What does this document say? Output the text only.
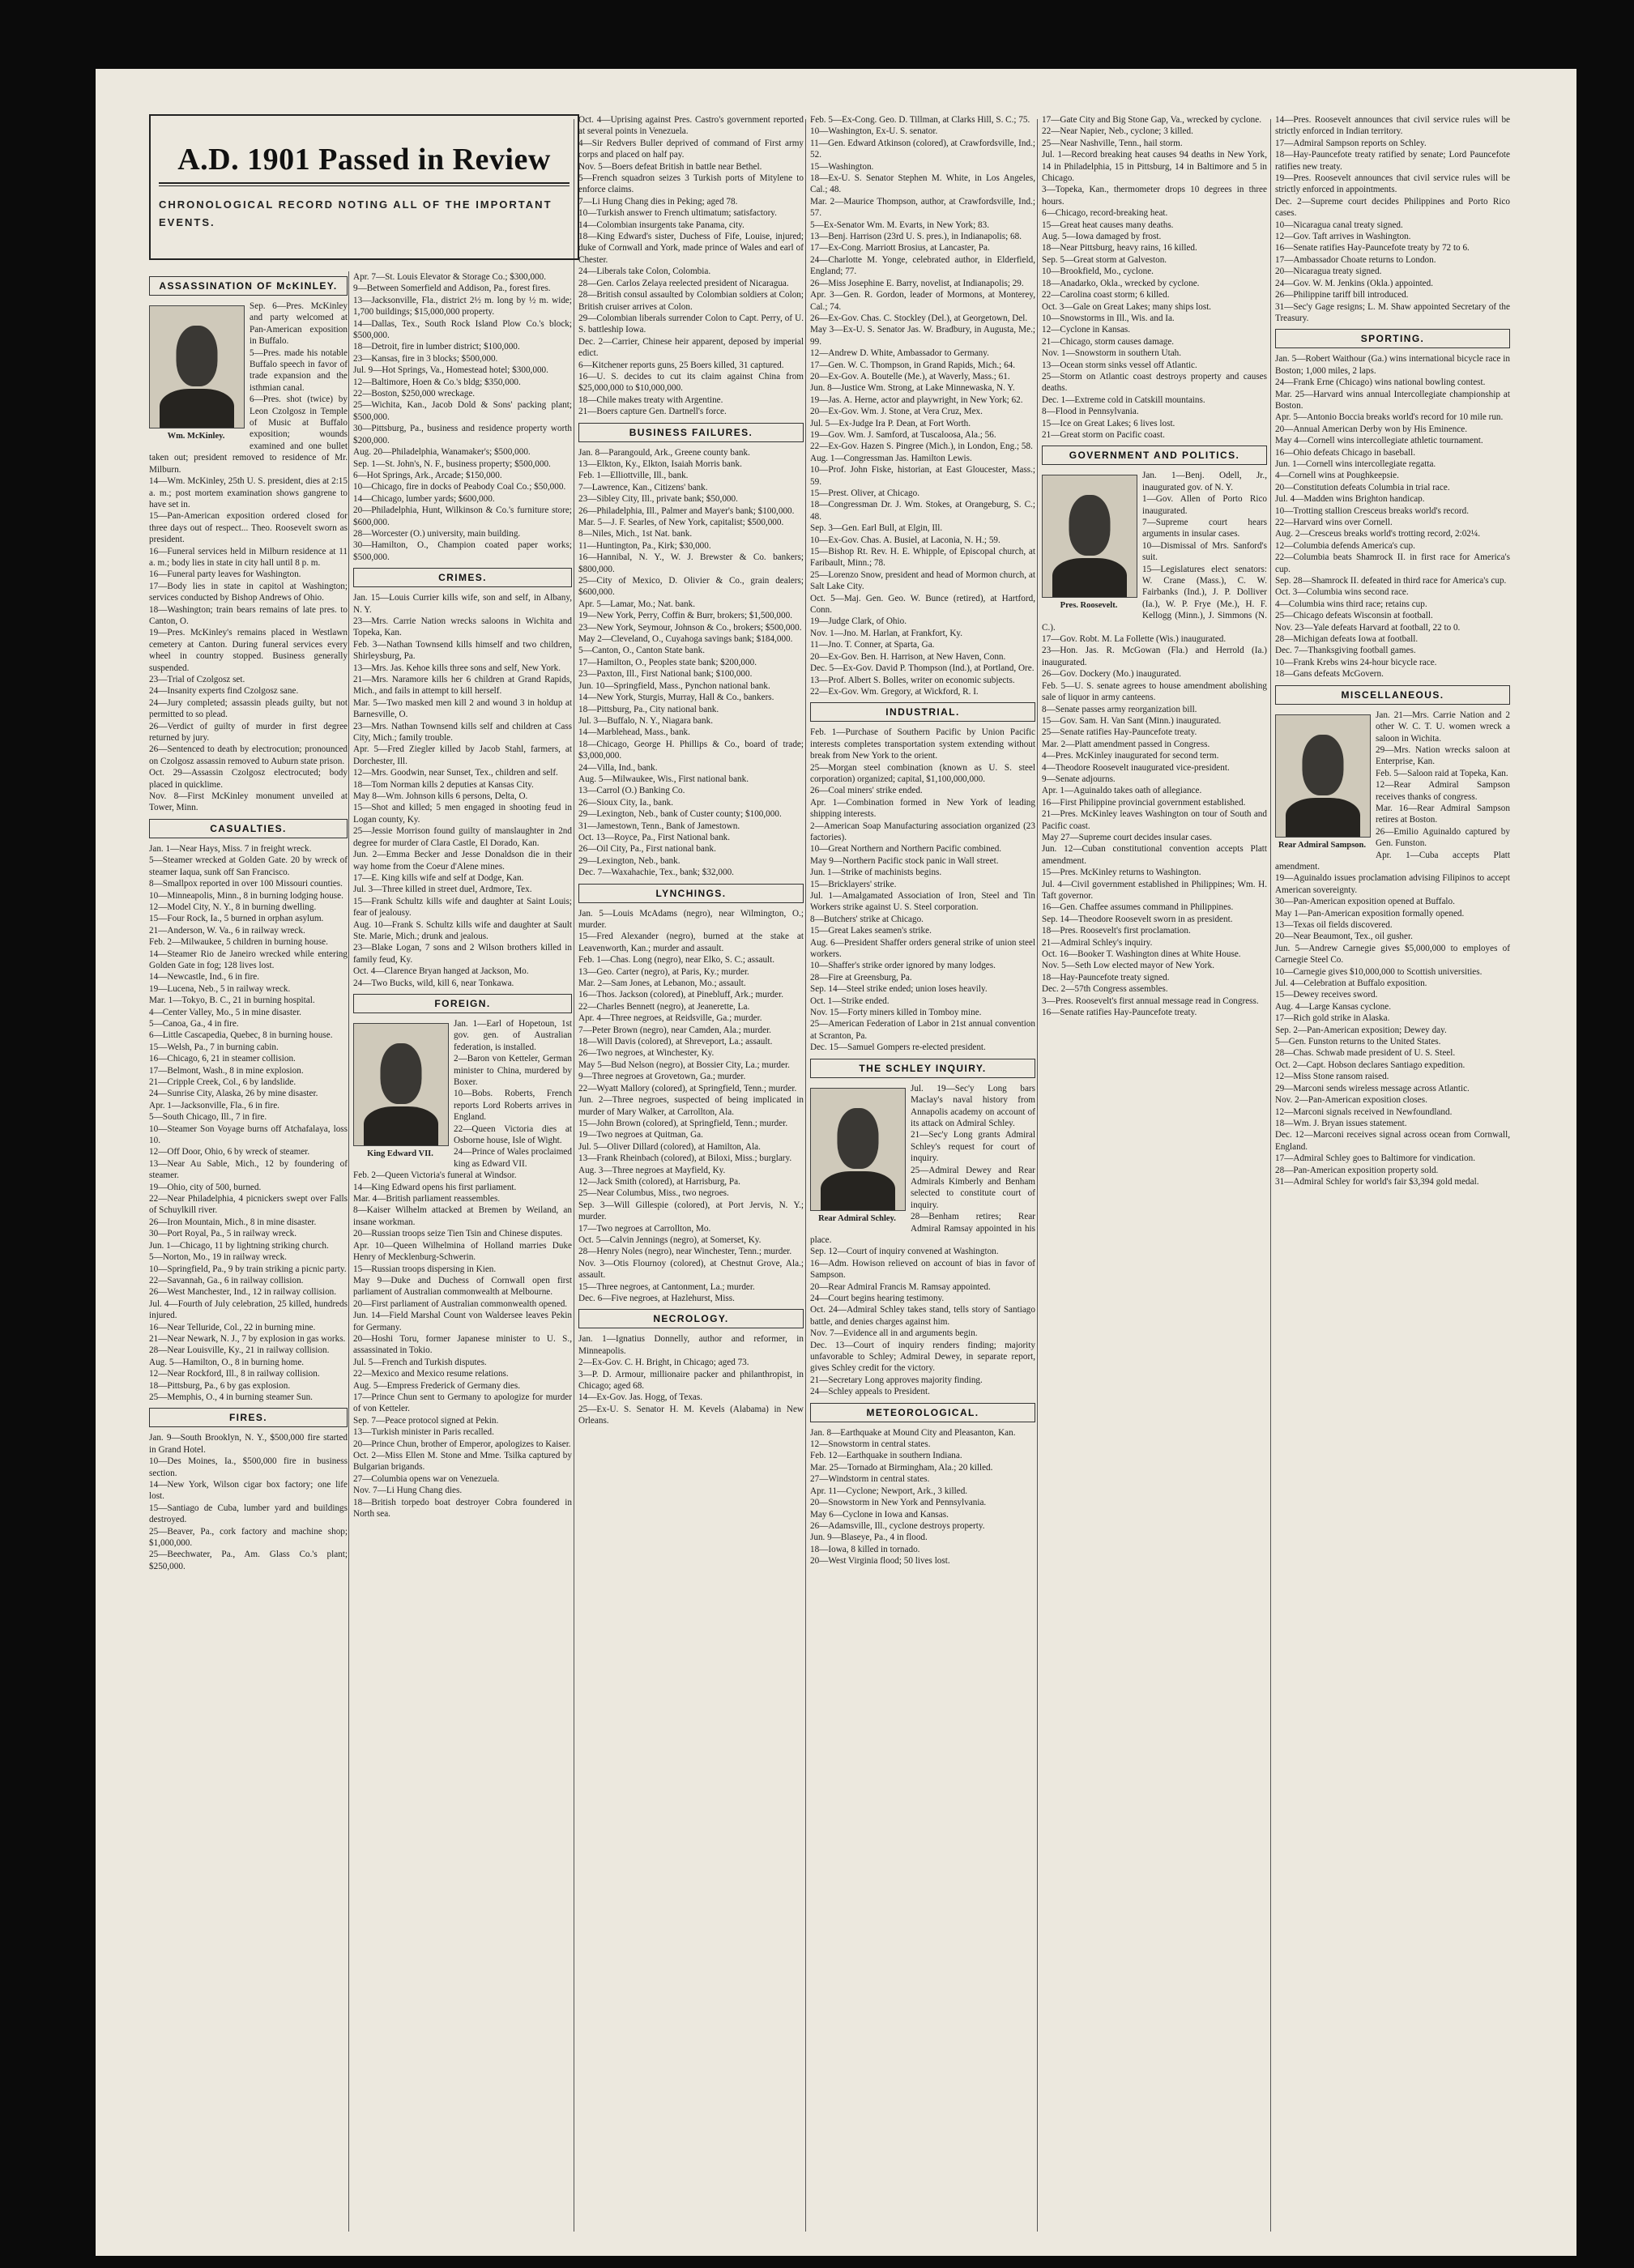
A.D. 1901 Passed in Review

CHRONOLOGICAL RECORD NOTING ALL OF THE IMPORTANT EVENTS.

ASSASSINATION OF McKINLEY.
Wm. McKinley.

Sep. 6—Pres. McKinley and party welcomed at Pan-American exposition in Buffalo.
5—Pres. made his notable Buffalo speech in favor of trade expansion and the isthmian canal.
6—Pres. shot (twice) by Leon Czolgosz in Temple of Music at Buffalo exposition; wounds examined and one bullet taken out; president removed to residence of Mr. Milburn.
14—Wm. McKinley, 25th U. S. president, dies at 2:15 a. m.; post mortem examination shows gangrene to have set in.
15—Pan-American exposition ordered closed for three days out of respect... Theo. Roosevelt sworn as president.
16—Funeral services held in Milburn residence at 11 a. m.; body lies in state in city hall until 8 p. m.
16—Funeral party leaves for Washington.
17—Body lies in state in capitol at Washington; services conducted by Bishop Andrews of Ohio.
18—Washington; train bears remains of late pres. to Canton, O.
19—Pres. McKinley's remains placed in Westlawn cemetery at Canton. During funeral services every wheel in country stopped. Business generally suspended.
23—Trial of Czolgosz set.
24—Insanity experts find Czolgosz sane.
24—Jury completed; assassin pleads guilty, but not permitted to so plead.
26—Verdict of guilty of murder in first degree returned by jury.
26—Sentenced to death by electrocution; pronounced on Czolgosz assassin removed to Auburn state prison.
Oct. 29—Assassin Czolgosz electrocuted; body placed in quicklime.
Nov. 8—First McKinley monument unveiled at Tower, Minn.

CASUALTIES.

Jan. 1—Near Hays, Miss. 7 in freight wreck.
5—Steamer wrecked at Golden Gate. 20 by wreck of steamer Iaqua, sunk off San Francisco.
8—Smallpox reported in over 100 Missouri counties.
10—Minneapolis, Minn., 8 in burning lodging house.
12—Model City, N. Y., 8 in burning dwelling.
15—Four Rock, Ia., 5 burned in orphan asylum.
21—Anderson, W. Va., 6 in railway wreck.
Feb. 2—Milwaukee, 5 children in burning house.
14—Steamer Rio de Janeiro wrecked while entering Golden Gate in fog; 128 lives lost.
14—Newcastle, Ind., 6 in fire.
19—Lucena, Neb., 5 in railway wreck.
Mar. 1—Tokyo, B. C., 21 in burning hospital.
4—Center Valley, Mo., 5 in mine disaster.
5—Canoa, Ga., 4 in fire.
6—Little Cascapedia, Quebec, 8 in burning house.
15—Welsh, Pa., 7 in burning cabin.
16—Chicago, 6, 21 in steamer collision.
17—Belmont, Wash., 8 in mine explosion.
21—Cripple Creek, Col., 6 by landslide.
24—Sunrise City, Alaska, 26 by mine disaster.
Apr. 1—Jacksonville, Fla., 6 in fire.
5—South Chicago, Ill., 7 in fire.
10—Steamer Son Voyage burns off Atchafalaya, loss 10.
12—Off Door, Ohio, 6 by wreck of steamer.
13—Near Au Sable, Mich., 12 by foundering of steamer.
19—Ohio, city of 500, burned.
22—Near Philadelphia, 4 picnickers swept over Falls of Schuylkill river.
26—Iron Mountain, Mich., 8 in mine disaster.
30—Port Royal, Pa., 5 in railway wreck.
Jun. 1—Chicago, 11 by lightning striking church.
5—Norton, Mo., 19 in railway wreck.
10—Springfield, Pa., 9 by train striking a picnic party.
22—Savannah, Ga., 6 in railway collision.
26—West Manchester, Ind., 12 in railway collision.
Jul. 4—Fourth of July celebration, 25 killed, hundreds injured.
16—Near Telluride, Col., 22 in burning mine.
21—Near Newark, N. J., 7 by explosion in gas works.
28—Near Louisville, Ky., 21 in railway collision.
Aug. 5—Hamilton, O., 8 in burning home.
12—Near Rockford, Ill., 8 in railway collision.
18—Pittsburg, Pa., 6 by gas explosion.
25—Memphis, O., 4 in burning steamer Sun.

FIRES.

Jan. 9—South Brooklyn, N. Y., $500,000 fire started in Grand Hotel.
10—Des Moines, Ia., $500,000 fire in business section.
14—New York, Wilson cigar box factory; one life lost.
15—Santiago de Cuba, lumber yard and buildings destroyed.
25—Beaver, Pa., cork factory and machine shop; $1,000,000.
25—Beechwater, Pa., Am. Glass Co.'s plant; $250,000.

Apr. 7—St. Louis Elevator & Storage Co.; $300,000.
9—Between Somerfield and Addison, Pa., forest fires.
13—Jacksonville, Fla., district 2½ m. long by ½ m. wide; 1,700 buildings; $15,000,000 property.
14—Dallas, Tex., South Rock Island Plow Co.'s block; $500,000.
18—Detroit, fire in lumber district; $100,000.
23—Kansas, fire in 3 blocks; $500,000.
Jul. 9—Hot Springs, Va., Homestead hotel; $300,000.
12—Baltimore, Hoen & Co.'s bldg; $350,000.
22—Boston, $250,000 wreckage.
25—Wichita, Kan., Jacob Dold & Sons' packing plant; $500,000.
30—Pittsburg, Pa., business and residence property worth $200,000.
Aug. 20—Philadelphia, Wanamaker's; $500,000.
Sep. 1—St. John's, N. F., business property; $500,000.
6—Hot Springs, Ark., Arcade; $150,000.
10—Chicago, fire in docks of Peabody Coal Co.; $50,000.
14—Chicago, lumber yards; $600,000.
20—Philadelphia, Hunt, Wilkinson & Co.'s furniture store; $600,000.
28—Worcester (O.) university, main building.
30—Hamilton, O., Champion coated paper works; $500,000.

CRIMES.

Jan. 15—Louis Currier kills wife, son and self, in Albany, N. Y.
23—Mrs. Carrie Nation wrecks saloons in Wichita and Topeka, Kan.
Feb. 3—Nathan Townsend kills himself and two children, Shirleysburg, Pa.
13—Mrs. Jas. Kehoe kills three sons and self, New York.
21—Mrs. Naramore kills her 6 children at Grand Rapids, Mich., and fails in attempt to kill herself.
Mar. 5—Two masked men kill 2 and wound 3 in holdup at Barnesville, O.
23—Mrs. Nathan Townsend kills self and children at Cass City, Mich.; family trouble.
Apr. 5—Fred Ziegler killed by Jacob Stahl, farmers, at Dorchester, Ill.
12—Mrs. Goodwin, near Sunset, Tex., children and self.
18—Tom Norman kills 2 deputies at Kansas City.
May 8—Wm. Johnson kills 6 persons, Delta, O.
15—Shot and killed; 5 men engaged in shooting feud in Logan county, Ky.
25—Jessie Morrison found guilty of manslaughter in 2nd degree for murder of Clara Castle, El Dorado, Kan.
Jun. 2—Emma Becker and Jesse Donaldson die in their way home from the Coeur d'Alene mines.
17—E. King kills wife and self at Dodge, Kan.
Jul. 3—Three killed in street duel, Ardmore, Tex.
15—Frank Schultz kills wife and daughter at Saint Louis; fear of jealousy.
Aug. 10—Frank S. Schultz kills wife and daughter at Sault Ste. Marie, Mich.; drunk and jealous.
23—Blake Logan, 7 sons and 2 Wilson brothers killed in family feud, Ky.
Oct. 4—Clarence Bryan hanged at Jackson, Mo.
24—Two Bucks, wild, kill 6, near Tonkawa.

FOREIGN.
King Edward VII.

Jan. 1—Earl of Hopetoun, 1st gov. gen. of Australian federation, is installed.
2—Baron von Ketteler, German minister to China, murdered by Boxer.
10—Bobs. Roberts, French reports Lord Roberts arrives in England.
22—Queen Victoria dies at Osborne house, Isle of Wight.
24—Prince of Wales proclaimed king as Edward VII.
Feb. 2—Queen Victoria's funeral at Windsor.
14—King Edward opens his first parliament.
Mar. 4—British parliament reassembles.
8—Kaiser Wilhelm attacked at Bremen by Weiland, an insane workman.
20—Russian troops seize Tien Tsin and Chinese disputes.
Apr. 10—Queen Wilhelmina of Holland marries Duke Henry of Mecklenburg-Schwerin.
15—Russian troops dispersing in Kien.
May 9—Duke and Duchess of Cornwall open first parliament of Australian commonwealth at Melbourne.
20—First parliament of Australian commonwealth opened.
Jun. 14—Field Marshal Count von Waldersee leaves Pekin for Germany.
20—Hoshi Toru, former Japanese minister to U. S., assassinated in Tokio.
Jul. 5—French and Turkish disputes.
22—Mexico and Mexico resume relations.
Aug. 5—Empress Frederick of Germany dies.
17—Prince Chun sent to Germany to apologize for murder of von Ketteler.
Sep. 7—Peace protocol signed at Pekin.
13—Turkish minister in Paris recalled.
20—Prince Chun, brother of Emperor, apologizes to Kaiser.
Oct. 2—Miss Ellen M. Stone and Mme. Tsilka captured by Bulgarian brigands.
27—Columbia opens war on Venezuela.
Nov. 7—Li Hung Chang dies.
18—British torpedo boat destroyer Cobra foundered in North sea.

Oct. 4—Uprising against Pres. Castro's government reported at several points in Venezuela.
4—Sir Redvers Buller deprived of command of First army corps and placed on half pay.
Nov. 5—Boers defeat British in battle near Bethel.
5—French squadron seizes 3 Turkish ports of Mitylene to enforce claims.
7—Li Hung Chang dies in Peking; aged 78.
10—Turkish answer to French ultimatum; satisfactory.
14—Colombian insurgents take Panama, city.
18—King Edward's sister, Duchess of Fife, Louise, injured; duke of Cornwall and York, made prince of Wales and earl of Chester.
24—Liberals take Colon, Colombia.
28—Gen. Carlos Zelaya reelected president of Nicaragua.
28—British consul assaulted by Colombian soldiers at Colon; British cruiser arrives at Colon.
29—Colombian liberals surrender Colon to Capt. Perry, of U. S. battleship Iowa.
Dec. 2—Carrier, Chinese heir apparent, deposed by imperial edict.
6—Kitchener reports guns, 25 Boers killed, 31 captured.
16—U. S. decides to cut its claim against China from $25,000,000 to $10,000,000.
18—Chile makes treaty with Argentine.
21—Boers capture Gen. Dartnell's force.

BUSINESS FAILURES.

Jan. 8—Parangould, Ark., Greene county bank.
13—Elkton, Ky., Elkton, Isaiah Morris bank.
Feb. 1—Elliottville, Ill., bank.
7—Lawrence, Kan., Citizens' bank.
23—Sibley City, Ill., private bank; $50,000.
26—Philadelphia, Ill., Palmer and Mayer's bank; $100,000.
Mar. 5—J. F. Searles, of New York, capitalist; $500,000.
8—Niles, Mich., 1st Nat. bank.
11—Huntington, Pa., Kirk; $30,000.
16—Hannibal, N. Y., W. J. Brewster & Co. bankers; $800,000.
25—City of Mexico, D. Olivier & Co., grain dealers; $600,000.
Apr. 5—Lamar, Mo.; Nat. bank.
19—New York, Perry, Coffin & Burr, brokers; $1,500,000.
23—New York, Seymour, Johnson & Co., brokers; $500,000.
May 2—Cleveland, O., Cuyahoga savings bank; $184,000.
5—Canton, O., Canton State bank.
17—Hamilton, O., Peoples state bank; $200,000.
23—Paxton, Ill., First National bank; $100,000.
Jun. 10—Springfield, Mass., Pynchon national bank.
14—New York, Sturgis, Murray, Hall & Co., bankers.
18—Pittsburg, Pa., City national bank.
Jul. 3—Buffalo, N. Y., Niagara bank.
14—Marblehead, Mass., bank.
18—Chicago, George H. Phillips & Co., board of trade; $3,000,000.
24—Villa, Ind., bank.
Aug. 5—Milwaukee, Wis., First national bank.
13—Carrol (O.) Banking Co.
26—Sioux City, Ia., bank.
29—Lexington, Neb., bank of Custer county; $100,000.
31—Jamestown, Tenn., Bank of Jamestown.
Oct. 13—Royce, Pa., First National bank.
26—Oil City, Pa., First national bank.
29—Lexington, Neb., bank.
Dec. 7—Waxahachie, Tex., bank; $32,000.

LYNCHINGS.

Jan. 5—Louis McAdams (negro), near Wilmington, O.; murder.
15—Fred Alexander (negro), burned at the stake at Leavenworth, Kan.; murder and assault.
Feb. 1—Chas. Long (negro), near Elko, S. C.; assault.
13—Geo. Carter (negro), at Paris, Ky.; murder.
Mar. 2—Sam Jones, at Lebanon, Mo.; assault.
16—Thos. Jackson (colored), at Pinebluff, Ark.; murder.
22—Charles Bennett (negro), at Jeanerette, La.
Apr. 4—Three negroes, at Reidsville, Ga.; murder.
7—Peter Brown (negro), near Camden, Ala.; murder.
18—Will Davis (colored), at Shreveport, La.; assault.
26—Two negroes, at Winchester, Ky.
May 5—Bud Nelson (negro), at Bossier City, La.; murder.
9—Three negroes at Grovetown, Ga.; murder.
22—Wyatt Mallory (colored), at Springfield, Tenn.; murder.
Jun. 2—Three negroes, suspected of being implicated in murder of Mary Walker, at Carrollton, Ala.
15—John Brown (colored), at Springfield, Tenn.; murder.
19—Two negroes at Quitman, Ga.
Jul. 5—Oliver Dillard (colored), at Hamilton, Ala.
13—Frank Rheinbach (colored), at Biloxi, Miss.; burglary.
Aug. 3—Three negroes at Mayfield, Ky.
12—Jack Smith (colored), at Harrisburg, Pa.
25—Near Columbus, Miss., two negroes.
Sep. 3—Will Gillespie (colored), at Port Jervis, N. Y.; murder.
17—Two negroes at Carrollton, Mo.
Oct. 5—Calvin Jennings (negro), at Somerset, Ky.
28—Henry Noles (negro), near Winchester, Tenn.; murder.
Nov. 3—Otis Flournoy (colored), at Chestnut Grove, Ala.; assault.
15—Three negroes, at Cantonment, La.; murder.
Dec. 6—Five negroes, at Hazlehurst, Miss.

NECROLOGY.

Jan. 1—Ignatius Donnelly, author and reformer, in Minneapolis.
2—Ex-Gov. C. H. Bright, in Chicago; aged 73.
3—P. D. Armour, millionaire packer and philanthropist, in Chicago; aged 68.
14—Ex-Gov. Jas. Hogg, of Texas.
25—Ex-U. S. Senator H. M. Kevels (Alabama) in New Orleans.

Feb. 5—Ex-Cong. Geo. D. Tillman, at Clarks Hill, S. C.; 75.
10—Washington, Ex-U. S. senator.
11—Gen. Edward Atkinson (colored), at Crawfordsville, Ind.; 52.
15—Washington.
18—Ex-U. S. Senator Stephen M. White, in Los Angeles, Cal.; 48.
Mar. 2—Maurice Thompson, author, at Crawfordsville, Ind.; 57.
5—Ex-Senator Wm. M. Evarts, in New York; 83.
13—Benj. Harrison (23rd U. S. pres.), in Indianapolis; 68.
17—Ex-Cong. Marriott Brosius, at Lancaster, Pa.
24—Charlotte M. Yonge, celebrated author, in Elderfield, England; 77.
26—Miss Josephine E. Barry, novelist, at Indianapolis; 29.
Apr. 3—Gen. R. Gordon, leader of Mormons, at Monterey, Cal.; 74.
26—Ex-Gov. Chas. C. Stockley (Del.), at Georgetown, Del.
May 3—Ex-U. S. Senator Jas. W. Bradbury, in Augusta, Me.; 99.
12—Andrew D. White, Ambassador to Germany.
17—Gen. W. C. Thompson, in Grand Rapids, Mich.; 64.
20—Ex-Gov. A. Boutelle (Me.), at Waverly, Mass.; 61.
Jun. 8—Justice Wm. Strong, at Lake Minnewaska, N. Y.
19—Jas. A. Herne, actor and playwright, in New York; 62.
20—Ex-Gov. Wm. J. Stone, at Vera Cruz, Mex.
Jul. 5—Ex-Judge Ira P. Dean, at Fort Worth.
19—Gov. Wm. J. Samford, at Tuscaloosa, Ala.; 56.
22—Ex-Gov. Hazen S. Pingree (Mich.), in London, Eng.; 58.
Aug. 1—Congressman Jas. Hamilton Lewis.
10—Prof. John Fiske, historian, at East Gloucester, Mass.; 59.
15—Prest. Oliver, at Chicago.
18—Congressman Dr. J. Wm. Stokes, at Orangeburg, S. C.; 48.
Sep. 3—Gen. Earl Bull, at Elgin, Ill.
10—Ex-Gov. Chas. A. Busiel, at Laconia, N. H.; 59.
15—Bishop Rt. Rev. H. E. Whipple, of Episcopal church, at Faribault, Minn.; 78.
25—Lorenzo Snow, president and head of Mormon church, at Salt Lake City.
Oct. 5—Maj. Gen. Geo. W. Bunce (retired), at Hartford, Conn.
19—Judge Clark, of Ohio.
Nov. 1—Jno. M. Harlan, at Frankfort, Ky.
11—Jno. T. Conner, at Sparta, Ga.
20—Ex-Gov. Ben. H. Harrison, at New Haven, Conn.
Dec. 5—Ex-Gov. David P. Thompson (Ind.), at Portland, Ore.
13—Prof. Albert S. Bolles, writer on economic subjects.
22—Ex-Gov. Wm. Gregory, at Wickford, R. I.

INDUSTRIAL.

Feb. 1—Purchase of Southern Pacific by Union Pacific interests completes transportation system extending without break from New York to the orient.
25—Morgan steel combination (known as U. S. steel corporation) organized; capital, $1,100,000,000.
26—Coal miners' strike ended.
Apr. 1—Combination formed in New York of leading shipping interests.
2—American Soap Manufacturing association organized (23 factories).
10—Great Northern and Northern Pacific combined.
May 9—Northern Pacific stock panic in Wall street.
Jun. 1—Strike of machinists begins.
15—Bricklayers' strike.
Jul. 1—Amalgamated Association of Iron, Steel and Tin Workers strike against U. S. Steel corporation.
8—Butchers' strike at Chicago.
15—Great Lakes seamen's strike.
Aug. 6—President Shaffer orders general strike of union steel workers.
10—Shaffer's strike order ignored by many lodges.
28—Fire at Greensburg, Pa.
Sep. 14—Steel strike ended; union loses heavily.
Oct. 1—Strike ended.
Nov. 15—Forty miners killed in Tomboy mine.
25—American Federation of Labor in 21st annual convention at Scranton, Pa.
Dec. 15—Samuel Gompers re-elected president.

THE SCHLEY INQUIRY.
Rear Admiral Schley.

Jul. 19—Sec'y Long bars Maclay's naval history from Annapolis academy on account of its attack on Admiral Schley.
21—Sec'y Long grants Admiral Schley's request for court of inquiry.
25—Admiral Dewey and Rear Admirals Kimberly and Benham selected to constitute court of inquiry.
28—Benham retires; Rear Admiral Ramsay appointed in his place.
Sep. 12—Court of inquiry convened at Washington.
16—Adm. Howison relieved on account of bias in favor of Sampson.
20—Rear Admiral Francis M. Ramsay appointed.
24—Court begins hearing testimony.
Oct. 24—Admiral Schley takes stand, tells story of Santiago battle, and denies charges against him.
Nov. 7—Evidence all in and arguments begin.
Dec. 13—Court of inquiry renders finding; majority unfavorable to Schley; Admiral Dewey, in separate report, gives Schley credit for the victory.
21—Secretary Long approves majority finding.
24—Schley appeals to President.

METEOROLOGICAL.

Jan. 8—Earthquake at Mound City and Pleasanton, Kan.
12—Snowstorm in central states.
Feb. 12—Earthquake in southern Indiana.
Mar. 25—Tornado at Birmingham, Ala.; 20 killed.
27—Windstorm in central states.
Apr. 11—Cyclone; Newport, Ark., 3 killed.
20—Snowstorm in New York and Pennsylvania.
May 6—Cyclone in Iowa and Kansas.
26—Adamsville, Ill., cyclone destroys property.
Jun. 9—Blaseye, Pa., 4 in flood.
18—Iowa, 8 killed in tornado.
20—West Virginia flood; 50 lives lost.

17—Gate City and Big Stone Gap, Va., wrecked by cyclone.
22—Near Napier, Neb., cyclone; 3 killed.
25—Near Nashville, Tenn., hail storm.
Jul. 1—Record breaking heat causes 94 deaths in New York, 14 in Philadelphia, 15 in Pittsburg, 14 in Baltimore and 5 in Chicago.
3—Topeka, Kan., thermometer drops 10 degrees in three hours.
6—Chicago, record-breaking heat.
15—Great heat causes many deaths.
Aug. 5—Iowa damaged by frost.
18—Near Pittsburg, heavy rains, 16 killed.
Sep. 5—Great storm at Galveston.
10—Brookfield, Mo., cyclone.
18—Anadarko, Okla., wrecked by cyclone.
22—Carolina coast storm; 6 killed.
Oct. 3—Gale on Great Lakes; many ships lost.
10—Snowstorms in Ill., Wis. and Ia.
12—Cyclone in Kansas.
21—Chicago, storm causes damage.
Nov. 1—Snowstorm in southern Utah.
13—Ocean storm sinks vessel off Atlantic.
25—Storm on Atlantic coast destroys property and causes deaths.
Dec. 1—Extreme cold in Catskill mountains.
8—Flood in Pennsylvania.
15—Ice on Great Lakes; 6 lives lost.
21—Great storm on Pacific coast.

GOVERNMENT AND POLITICS.
Pres. Roosevelt.

Jan. 1—Benj. Odell, Jr., inaugurated gov. of N. Y.
1—Gov. Allen of Porto Rico inaugurated.
7—Supreme court hears arguments in insular cases.
10—Dismissal of Mrs. Sanford's suit.
15—Legislatures elect senators: W. Crane (Mass.), C. W. Fairbanks (Ind.), J. P. Dolliver (Ia.), W. P. Frye (Me.), H. F. Kellogg (Minn.), J. Simmons (N. C.).
17—Gov. Robt. M. La Follette (Wis.) inaugurated.
23—Hon. Jas. R. McGowan (Fla.) and Herrold (Ia.) inaugurated.
26—Gov. Dockery (Mo.) inaugurated.
Feb. 5—U. S. senate agrees to house amendment abolishing sale of liquor in army canteens.
8—Senate passes army reorganization bill.
15—Gov. Sam. H. Van Sant (Minn.) inaugurated.
25—Senate ratifies Hay-Pauncefote treaty.
Mar. 2—Platt amendment passed in Congress.
4—Pres. McKinley inaugurated for second term.
4—Theodore Roosevelt inaugurated vice-president.
9—Senate adjourns.
Apr. 1—Aguinaldo takes oath of allegiance.
16—First Philippine provincial government established.
21—Pres. McKinley leaves Washington on tour of South and Pacific coast.
May 27—Supreme court decides insular cases.
Jun. 12—Cuban constitutional convention accepts Platt amendment.
15—Pres. McKinley returns to Washington.
Jul. 4—Civil government established in Philippines; Wm. H. Taft governor.
16—Gen. Chaffee assumes command in Philippines.
Sep. 14—Theodore Roosevelt sworn in as president.
18—Pres. Roosevelt's first proclamation.
21—Admiral Schley's inquiry.
Oct. 16—Booker T. Washington dines at White House.
Nov. 5—Seth Low elected mayor of New York.
18—Hay-Pauncefote treaty signed.
Dec. 2—57th Congress assembles.
3—Pres. Roosevelt's first annual message read in Congress.
16—Senate ratifies Hay-Pauncefote treaty.

14—Pres. Roosevelt announces that civil service rules will be strictly enforced in Indian territory.
17—Admiral Sampson reports on Schley.
18—Hay-Pauncefote treaty ratified by senate; Lord Pauncefote ratifies new treaty.
19—Pres. Roosevelt announces that civil service rules will be strictly enforced in appointments.
Dec. 2—Supreme court decides Philippines and Porto Rico cases.
10—Nicaragua canal treaty signed.
12—Gov. Taft arrives in Washington.
16—Senate ratifies Hay-Pauncefote treaty by 72 to 6.
17—Ambassador Choate returns to London.
20—Nicaragua treaty signed.
24—Gov. W. M. Jenkins (Okla.) appointed.
26—Philippine tariff bill introduced.
31—Sec'y Gage resigns; L. M. Shaw appointed Secretary of the Treasury.

SPORTING.

Jan. 5—Robert Waithour (Ga.) wins international bicycle race in Boston; 1,000 miles, 2 laps.
24—Frank Erne (Chicago) wins national bowling contest.
Mar. 25—Harvard wins annual Intercollegiate championship at Boston.
Apr. 5—Antonio Boccia breaks world's record for 10 mile run.
20—Annual American Derby won by His Eminence.
May 4—Cornell wins intercollegiate athletic tournament.
16—Ohio defeats Chicago in baseball.
Jun. 1—Cornell wins intercollegiate regatta.
4—Cornell wins at Poughkeepsie.
20—Constitution defeats Columbia in trial race.
Jul. 4—Madden wins Brighton handicap.
10—Trotting stallion Cresceus breaks world's record.
22—Harvard wins over Cornell.
Aug. 2—Cresceus breaks world's trotting record, 2:02¼.
12—Columbia defends America's cup.
22—Columbia beats Shamrock II. in first race for America's cup.
Sep. 28—Shamrock II. defeated in third race for America's cup.
Oct. 3—Columbia wins second race.
4—Columbia wins third race; retains cup.
25—Chicago defeats Wisconsin at football.
Nov. 23—Yale defeats Harvard at football, 22 to 0.
28—Michigan defeats Iowa at football.
Dec. 7—Thanksgiving football games.
10—Frank Krebs wins 24-hour bicycle race.
18—Gans defeats McGovern.

MISCELLANEOUS.
Rear Admiral Sampson.

Jan. 21—Mrs. Carrie Nation and 2 other W. C. T. U. women wreck a saloon in Wichita.
29—Mrs. Nation wrecks saloon at Enterprise, Kan.
Feb. 5—Saloon raid at Topeka, Kan.
12—Rear Admiral Sampson receives thanks of congress.
Mar. 16—Rear Admiral Sampson retires at Boston.
26—Emilio Aguinaldo captured by Gen. Funston.
Apr. 1—Cuba accepts Platt amendment.
19—Aguinaldo issues proclamation advising Filipinos to accept American sovereignty.
30—Pan-American exposition opened at Buffalo.
May 1—Pan-American exposition formally opened.
13—Texas oil fields discovered.
20—Near Beaumont, Tex., oil gusher.
Jun. 5—Andrew Carnegie gives $5,000,000 to employes of Carnegie Steel Co.
10—Carnegie gives $10,000,000 to Scottish universities.
Jul. 4—Celebration at Buffalo exposition.
15—Dewey receives sword.
Aug. 4—Large Kansas cyclone.
17—Rich gold strike in Alaska.
Sep. 2—Pan-American exposition; Dewey day.
5—Gen. Funston returns to the United States.
28—Chas. Schwab made president of U. S. Steel.
Oct. 2—Capt. Hobson declares Santiago expedition.
12—Miss Stone ransom raised.
29—Marconi sends wireless message across Atlantic.
Nov. 2—Pan-American exposition closes.
12—Marconi signals received in Newfoundland.
18—Wm. J. Bryan issues statement.
Dec. 12—Marconi receives signal across ocean from Cornwall, England.
17—Admiral Schley goes to Baltimore for vindication.
28—Pan-American exposition property sold.
31—Admiral Schley for world's fair $3,394 gold medal.
